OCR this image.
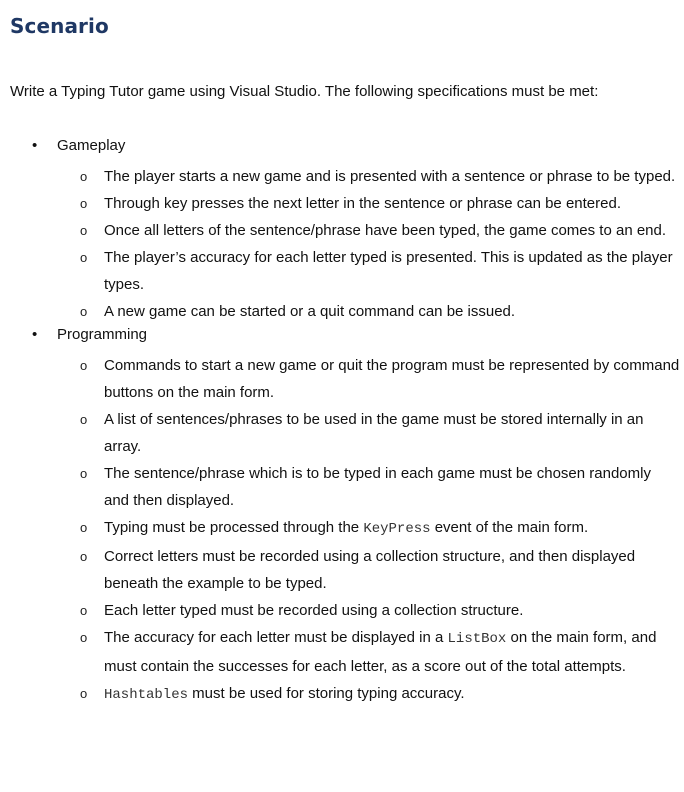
Scenario
Write a Typing Tutor game using Visual Studio. The following specifications must be met:
• Gameplay
o The player starts a new game and is presented with a sentence or phrase to be typed.
o Through key presses the next letter in the sentence or phrase can be entered.
o Once all letters of the sentence/phrase have been typed, the game comes to an end.
o The player’s accuracy for each letter typed is presented. This is updated as the player types.
o A new game can be started or a quit command can be issued.
• Programming
o Commands to start a new game or quit the program must be represented by command buttons on the main form.
o A list of sentences/phrases to be used in the game must be stored internally in an array.
o The sentence/phrase which is to be typed in each game must be chosen randomly and then displayed.
o Typing must be processed through the KeyPress event of the main form.
o Correct letters must be recorded using a collection structure, and then displayed beneath the example to be typed.
o Each letter typed must be recorded using a collection structure.
o The accuracy for each letter must be displayed in a ListBox on the main form, and must contain the successes for each letter, as a score out of the total attempts.
o Hashtables must be used for storing typing accuracy.
